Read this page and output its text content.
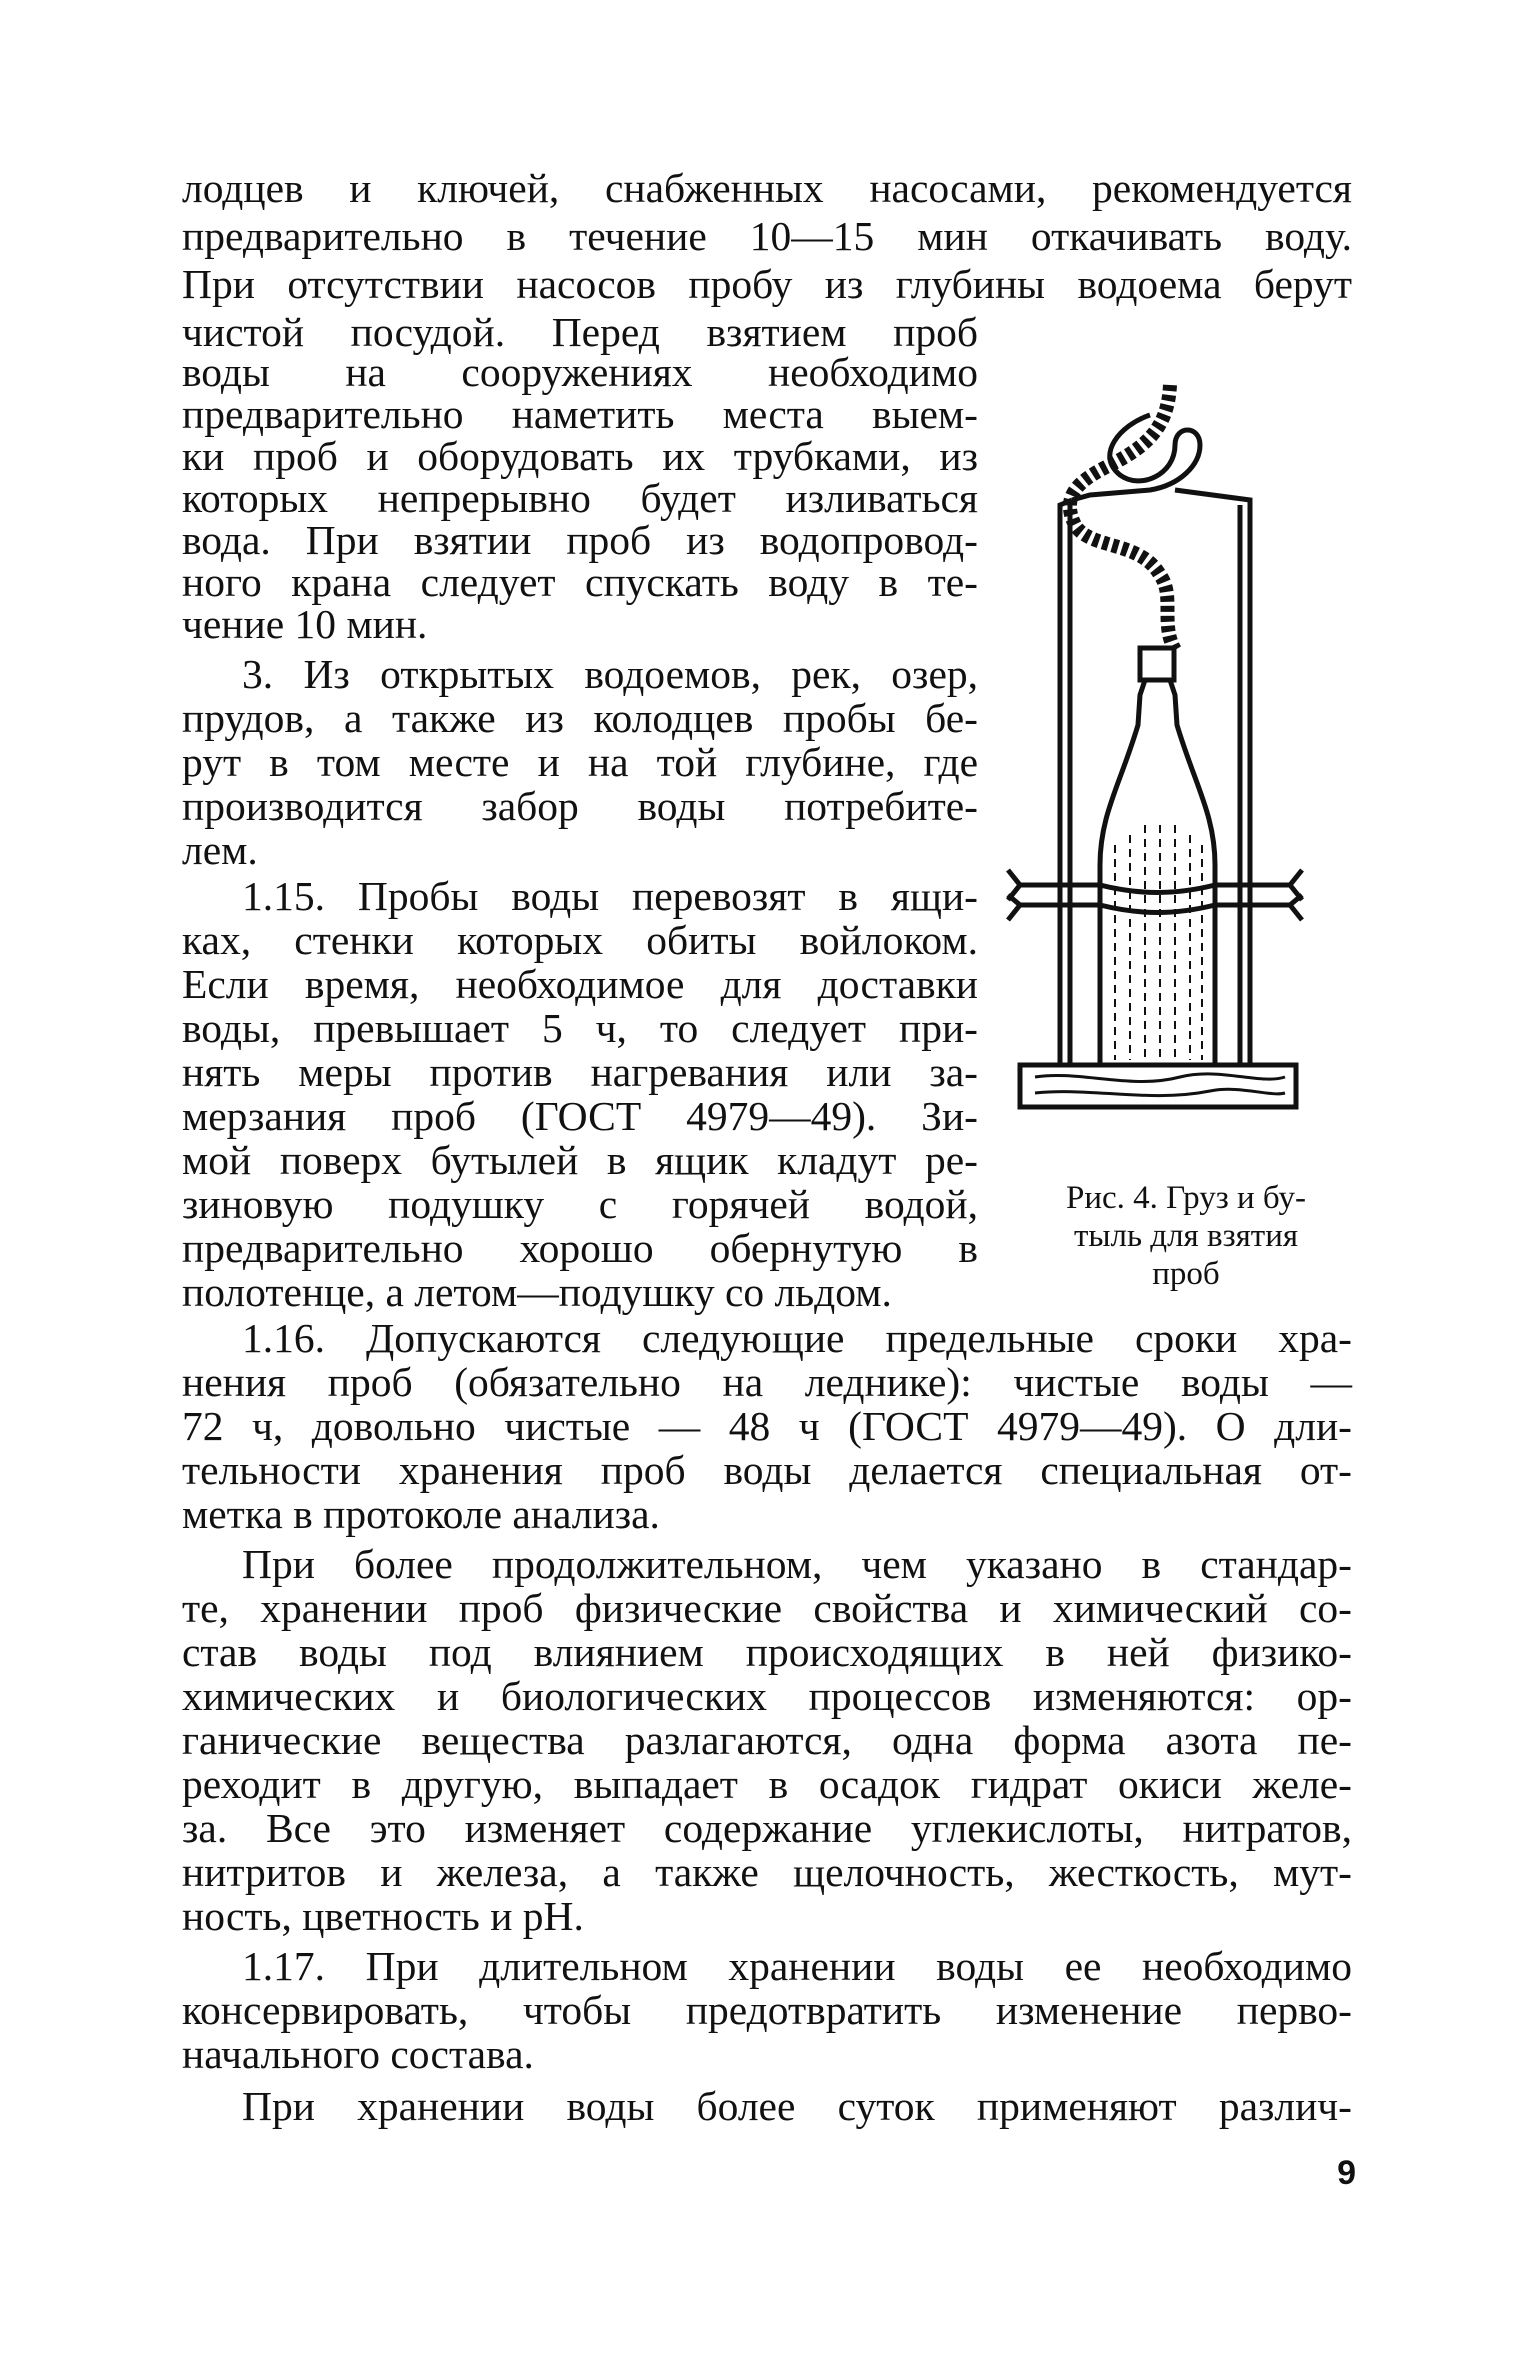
лодцев и ключей, снабженных насосами, рекомендуется
предварительно в течение 10—15 мин откачивать воду.
При отсутствии насосов пробу из глубины водоема берут
чистой посудой. Перед взятием проб
воды на сооружениях необходимо
предварительно наметить места выем-
ки проб и оборудовать их трубками, из
которых непрерывно будет изливаться
вода. При взятии проб из водопровод-
ного крана следует спускать воду в те-
чение 10 мин.
3. Из открытых водоемов, рек, озер,
прудов, а также из колодцев пробы бе-
рут в том месте и на той глубине, где
производится забор воды потребите-
лем.
1.15. Пробы воды перевозят в ящи-
ках, стенки которых обиты войлоком.
Если время, необходимое для доставки
воды, превышает 5 ч, то следует при-
нять меры против нагревания или за-
мерзания проб (ГОСТ 4979—49). Зи-
мой поверх бутылей в ящик кладут ре-
зиновую подушку с горячей водой,
предварительно хорошо обернутую в
полотенце, а летом—подушку со льдом.
1.16. Допускаются следующие предельные сроки хра-
нения проб (обязательно на леднике): чистые воды —
72 ч, довольно чистые — 48 ч (ГОСТ 4979—49). О дли-
тельности хранения проб воды делается специальная от-
метка в протоколе анализа.
При более продолжительном, чем указано в стандар-
те, хранении проб физические свойства и химический со-
став воды под влиянием происходящих в ней физико-
химических и биологических процессов изменяются: ор-
ганические вещества разлагаются, одна форма азота пе-
реходит в другую, выпадает в осадок гидрат окиси желе-
за. Все это изменяет содержание углекислоты, нитратов,
нитритов и железа, а также щелочность, жесткость, мут-
ность, цветность и pH.
1.17. При длительном хранении воды ее необходимо
консервировать, чтобы предотвратить изменение перво-
начального состава.
При хранении воды более суток применяют различ-
Рис. 4. Груз и бу-
тыль для взятия
проб
9
